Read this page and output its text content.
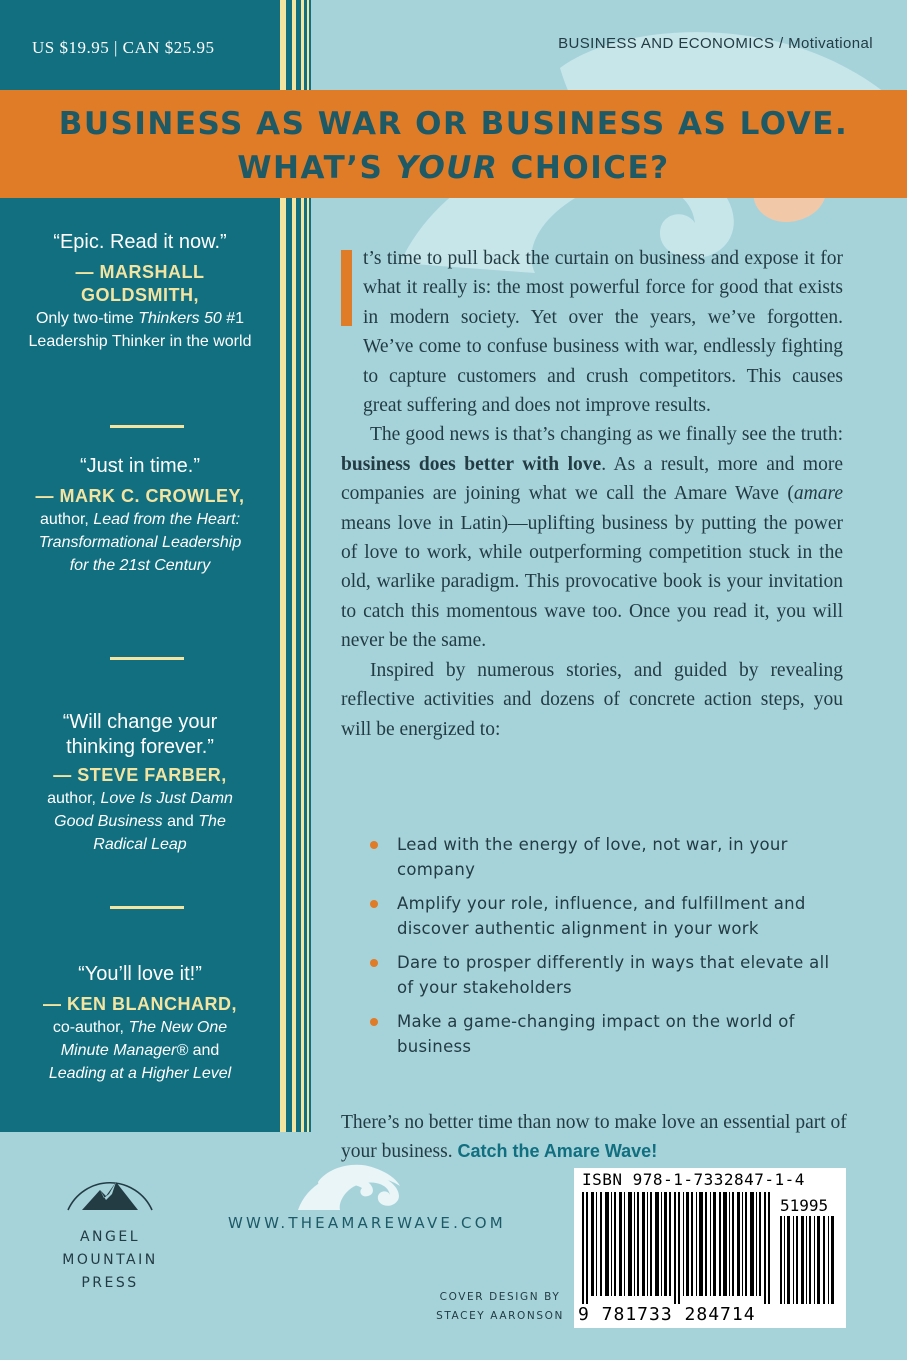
US $19.95 | CAN $25.95	BUSINESS AND ECONOMICS / Motivational
BUSINESS AS WAR OR BUSINESS AS LOVE.
WHAT’S YOUR CHOICE?
“Epic. Read it now.”
— MARSHALL GOLDSMITH,
Only two-time Thinkers 50 #1 Leadership Thinker in the world
“Just in time.”
— MARK C. CROWLEY,
author, Lead from the Heart: Transformational Leadership for the 21st Century
“Will change your thinking forever.”
— STEVE FARBER,
author, Love Is Just Damn Good Business and The Radical Leap
“You’ll love it!”
— KEN BLANCHARD,
co-author, The New One Minute Manager® and Leading at a Higher Level

t’s time to pull back the curtain on business and expose it for what it really is: the most powerful force for good that exists in modern society. Yet over the years, we’ve forgotten. We’ve come to confuse business with war, endlessly fighting to capture customers and crush competitors. This causes great suffering and does not improve results.

The good news is that’s changing as we finally see the truth: business does better with love. As a result, more and more companies are joining what we call the Amare Wave (amare means love in Latin)—uplifting business by putting the power of love to work, while outperforming competition stuck in the old, warlike paradigm. This provocative book is your invitation to catch this momentous wave too. Once you read it, you will never be the same.

Inspired by numerous stories, and guided by revealing reflective activities and dozens of concrete action steps, you will be energized to:

Lead with the energy of love, not war, in your company
Amplify your role, influence, and fulfillment and discover authentic alignment in your work
Dare to prosper differently in ways that elevate all of your stakeholders
Make a game-changing impact on the world of business
There’s no better time than now to make love an essential part of your business. Catch the Amare Wave!
ANGEL
MOUNTAIN
PRESS
WWW.THEAMAREWAVE.COM
COVER DESIGN BY
STACEY AARONSON
ISBN 978-1-7332847-1-4
51995
9 781733 284714
